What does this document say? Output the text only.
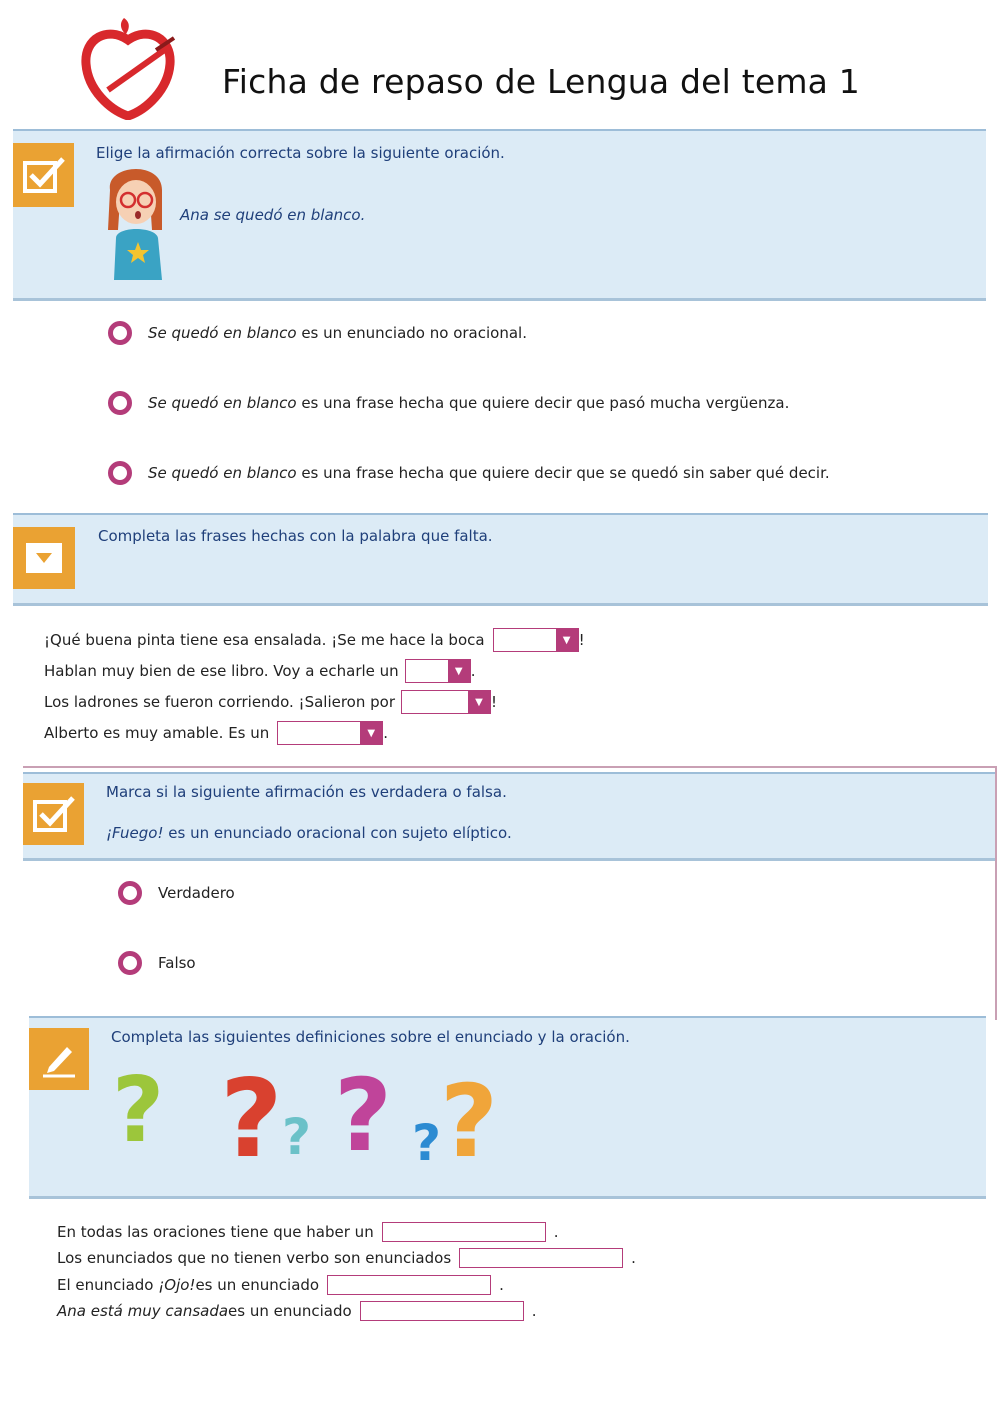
Ficha de repaso de Lengua del tema 1
Elige la afirmación correcta sobre la siguiente oración.
Ana se quedó en blanco.
Se quedó en blanco es un enunciado no oracional.
Se quedó en blanco es una frase hecha que quiere decir que pasó mucha vergüenza.
Se quedó en blanco es una frase hecha que quiere decir que se quedó sin saber qué decir.
Completa las frases hechas con la palabra que falta.
¡Qué buena pinta tiene esa ensalada. ¡Se me hace la boca	▼ !
Hablan muy bien de ese libro. Voy a echarle un	▼ .
Los ladrones se fueron corriendo. ¡Salieron por	▼ !
Alberto es muy amable. Es un	▼ .
Marca si la siguiente afirmación es verdadera o falsa.
¡Fuego! es un enunciado oracional con sujeto elíptico.
Verdadero
Falso
Completa las siguientes definiciones sobre el enunciado y la oración.
? ? ? ? ?
?
En todas las oraciones tiene que haber un	.
Los enunciados que no tienen verbo son enunciados	.
El enunciado
¡Ojo! es un enunciado	.
Ana está muy cansada es un enunciado	.
